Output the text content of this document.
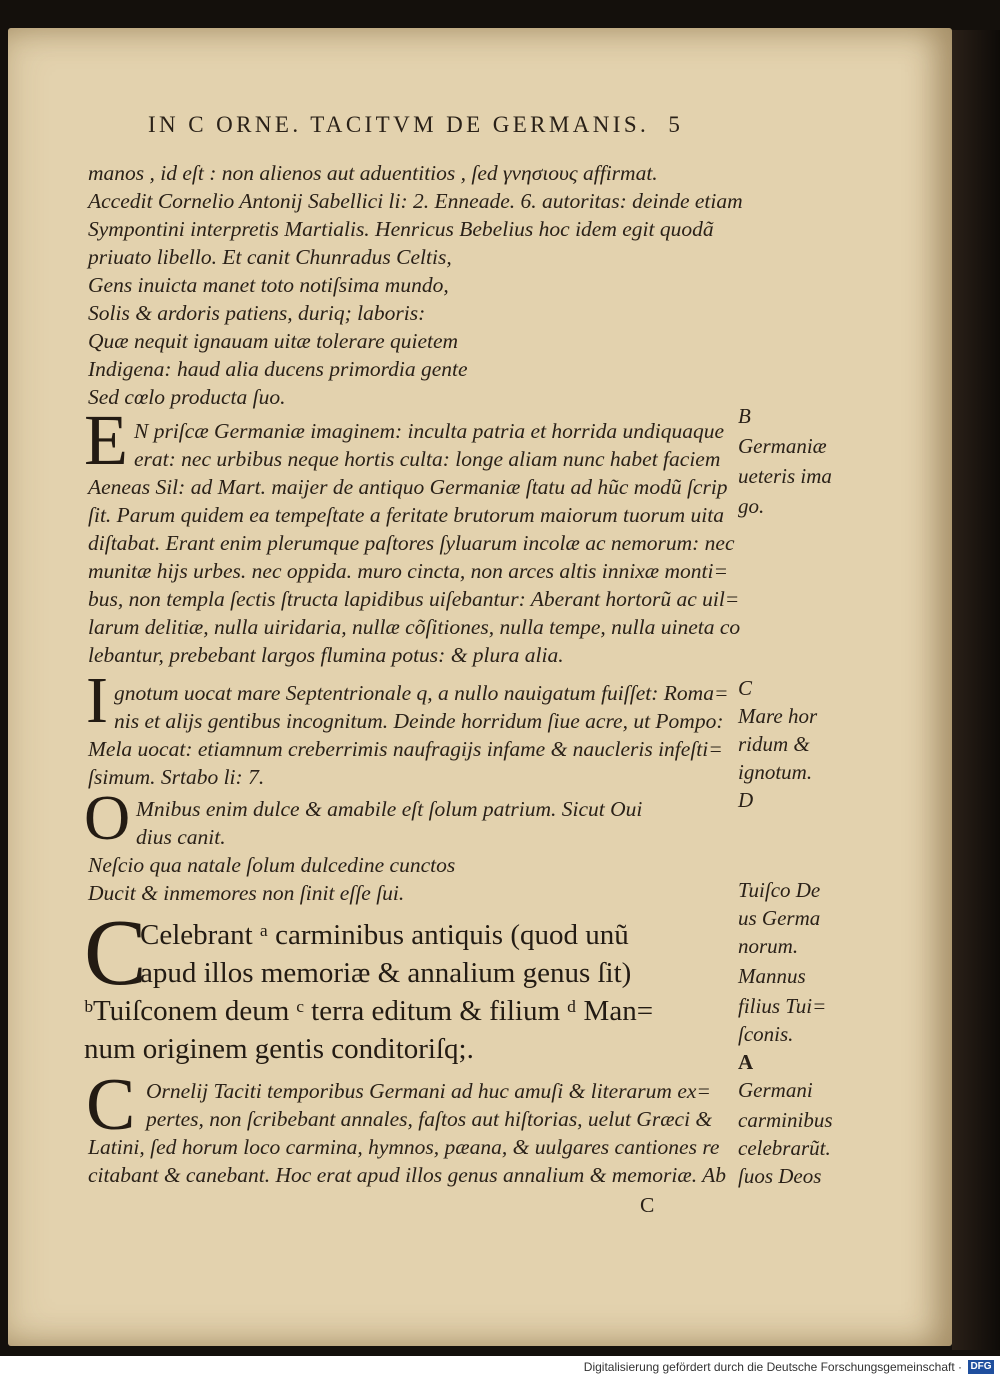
IN C ORNE. TACITVM DE GERMANIS. 5
manos , id eſt : non alienos aut aduentitios , ſed γνησιους affirmat.
Accedit Cornelio Antonij Sabellici li: 2. Enneade. 6. autoritas: deinde etiam
Sympontini interpretis Martialis. Henricus Bebelius hoc idem egit quodã
priuato libello. Et canit Chunradus Celtis,
Gens inuicta manet toto notiſsima mundo,
Solis & ardoris patiens, duriq; laboris:
Quæ nequit ignauam uitæ tolerare quietem
Indigena: haud alia ducens primordia gente
Sed cœlo producta ſuo.
E N priſcæ Germaniæ imaginem: inculta patria et horrida undiquaque
erat: nec urbibus neque hortis culta: longe aliam nunc habet faciem
Aeneas Sil: ad Mart. maijer de antiquo Germaniæ ſtatu ad hũc modũ ſcrip
ſit. Parum quidem ea tempeſtate a feritate brutorum maiorum tuorum uita
diſtabat. Erant enim plerumque paſtores ſyluarum incolæ ac nemorum: nec
munitæ hijs urbes. nec oppida. muro cincta, non arces altis innixæ monti=
bus, non templa ſectis ſtructa lapidibus uiſebantur: Aberant hortorũ ac uil=
larum delitiæ, nulla uiridaria, nullæ cõſitiones, nulla tempe, nulla uineta co
lebantur, prebebant largos flumina potus: & plura alia.
I gnotum uocat mare Septentrionale q, a nullo nauigatum fuiſſet: Roma=
nis et alijs gentibus incognitum. Deinde horridum ſiue acre, ut Pompo:
Mela uocat: etiamnum creberrimis naufragijs infame & naucleris infeſti=
ſsimum. Srtabo li: 7.
O Mnibus enim dulce & amabile eſt ſolum patrium. Sicut Oui
dius canit.
Neſcio qua natale ſolum dulcedine cunctos
Ducit & inmemores non ſinit eſſe ſui.
C
Celebrant ᵃ carminibus antiquis (quod unũ
apud illos memoriæ & annalium genus ſit)
ᵇTuiſconem deum ᶜ terra editum & filium ᵈ Man=
num originem gentis conditoriſq;.
C Ornelij Taciti temporibus Germani ad huc amuſi & literarum ex=
pertes, non ſcribebant annales, faſtos aut hiſtorias, uelut Græci &
Latini, ſed horum loco carmina, hymnos, pæana, & uulgares cantiones re
citabant & canebant. Hoc erat apud illos genus annalium & memoriæ. Ab
C
B
Germaniæ
ueteris ima
go.
C
Mare hor
ridum &
ignotum.
D
Tuiſco De
us Germa
norum.
Mannus
filius Tui=
ſconis.
A
Germani
carminibus
celebrarũt.
ſuos Deos
Digitalisierung gefördert durch die Deutsche Forschungsgemeinschaft · DFG
